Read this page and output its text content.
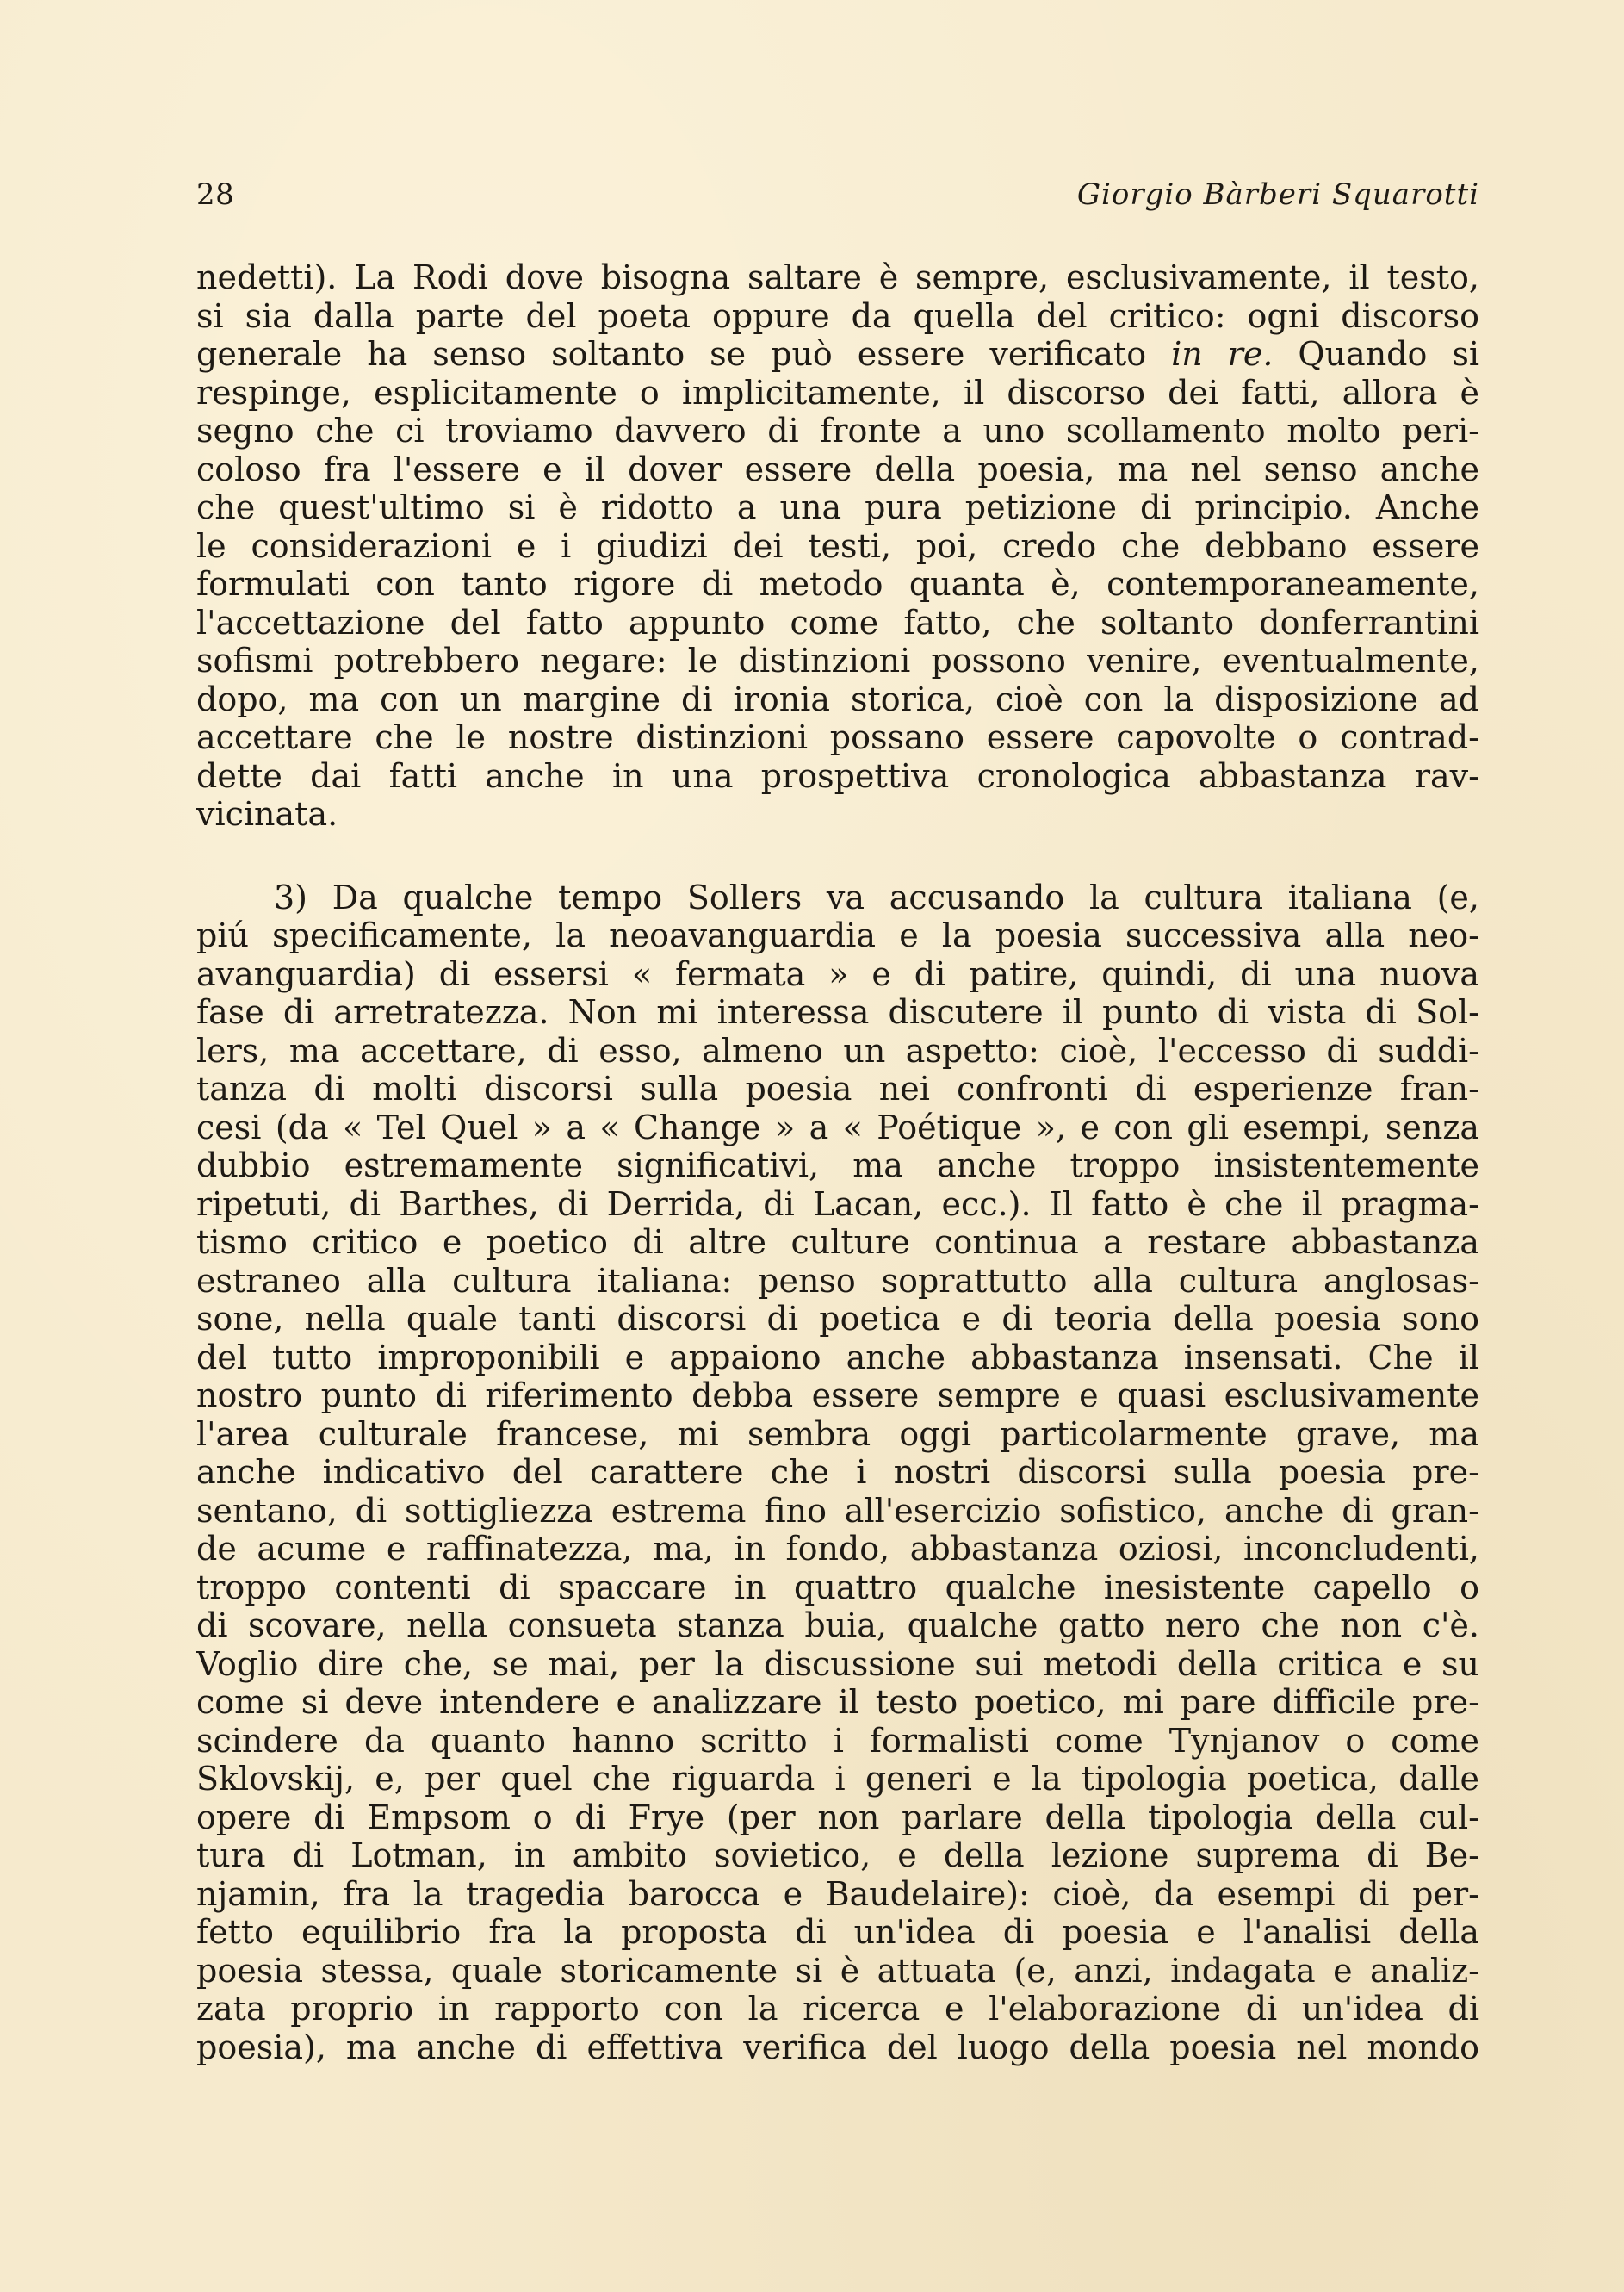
28	Giorgio Bàrberi Squarotti
nedetti). La Rodi dove bisogna saltare è sempre, esclusivamente, il testo,
si sia dalla parte del poeta oppure da quella del critico: ogni discorso
generale ha senso soltanto se può essere verificato in re. Quando si
respinge, esplicitamente o implicitamente, il discorso dei fatti, allora è
segno che ci troviamo davvero di fronte a uno scollamento molto peri-
coloso fra l'essere e il dover essere della poesia, ma nel senso anche
che quest'ultimo si è ridotto a una pura petizione di principio. Anche
le considerazioni e i giudizi dei testi, poi, credo che debbano essere
formulati con tanto rigore di metodo quanta è, contemporaneamente,
l'accettazione del fatto appunto come fatto, che soltanto donferrantini
sofismi potrebbero negare: le distinzioni possono venire, eventualmente,
dopo, ma con un margine di ironia storica, cioè con la disposizione ad
accettare che le nostre distinzioni possano essere capovolte o contrad-
dette dai fatti anche in una prospettiva cronologica abbastanza rav-
vicinata.
3) Da qualche tempo Sollers va accusando la cultura italiana (e,
piú specificamente, la neoavanguardia e la poesia successiva alla neo-
avanguardia) di essersi « fermata » e di patire, quindi, di una nuova
fase di arretratezza. Non mi interessa discutere il punto di vista di Sol-
lers, ma accettare, di esso, almeno un aspetto: cioè, l'eccesso di suddi-
tanza di molti discorsi sulla poesia nei confronti di esperienze fran-
cesi (da « Tel Quel » a « Change » a « Poétique », e con gli esempi, senza
dubbio estremamente significativi, ma anche troppo insistentemente
ripetuti, di Barthes, di Derrida, di Lacan, ecc.). Il fatto è che il pragma-
tismo critico e poetico di altre culture continua a restare abbastanza
estraneo alla cultura italiana: penso soprattutto alla cultura anglosas-
sone, nella quale tanti discorsi di poetica e di teoria della poesia sono
del tutto improponibili e appaiono anche abbastanza insensati. Che il
nostro punto di riferimento debba essere sempre e quasi esclusivamente
l'area culturale francese, mi sembra oggi particolarmente grave, ma
anche indicativo del carattere che i nostri discorsi sulla poesia pre-
sentano, di sottigliezza estrema fino all'esercizio sofistico, anche di gran-
de acume e raffinatezza, ma, in fondo, abbastanza oziosi, inconcludenti,
troppo contenti di spaccare in quattro qualche inesistente capello o
di scovare, nella consueta stanza buia, qualche gatto nero che non c'è.
Voglio dire che, se mai, per la discussione sui metodi della critica e su
come si deve intendere e analizzare il testo poetico, mi pare difficile pre-
scindere da quanto hanno scritto i formalisti come Tynjanov o come
Sklovskij, e, per quel che riguarda i generi e la tipologia poetica, dalle
opere di Empsom o di Frye (per non parlare della tipologia della cul-
tura di Lotman, in ambito sovietico, e della lezione suprema di Be-
njamin, fra la tragedia barocca e Baudelaire): cioè, da esempi di per-
fetto equilibrio fra la proposta di un'idea di poesia e l'analisi della
poesia stessa, quale storicamente si è attuata (e, anzi, indagata e analiz-
zata proprio in rapporto con la ricerca e l'elaborazione di un'idea di
poesia), ma anche di effettiva verifica del luogo della poesia nel mondo
